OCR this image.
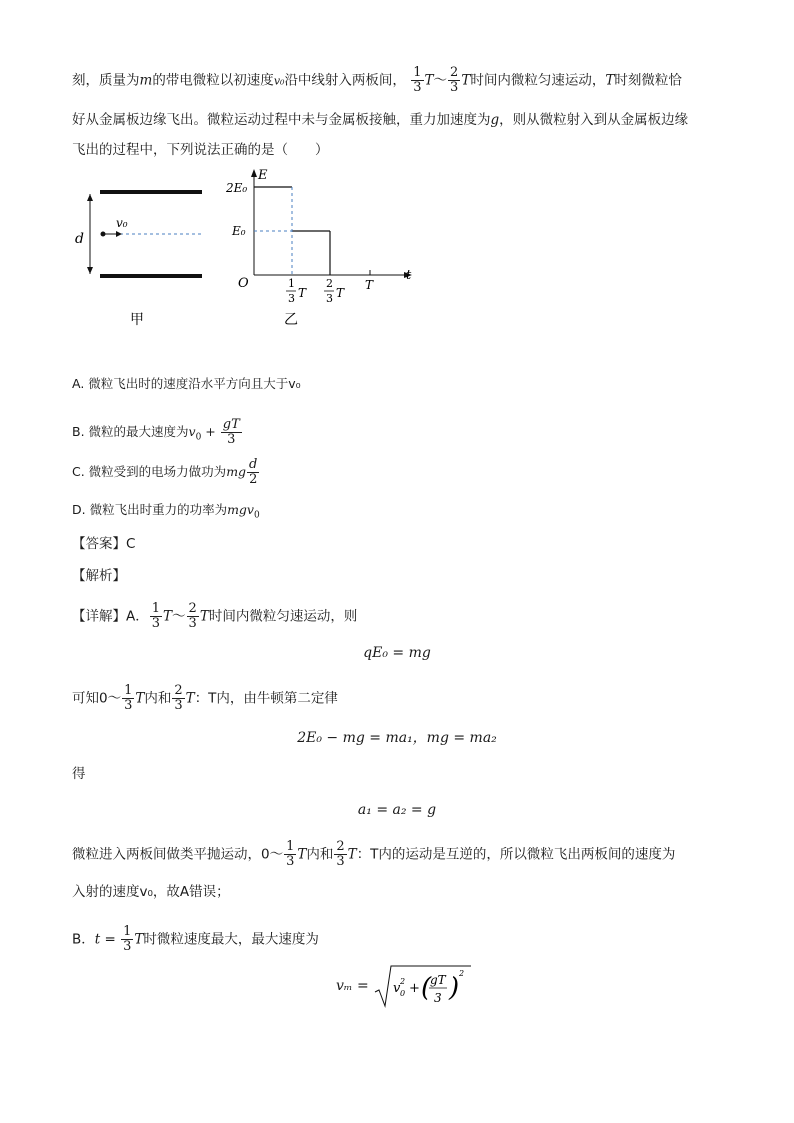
刻，质量为m的带电微粒以初速度v₀沿中线射入两板间， $\frac{1}{3}$ T～ $\frac{2}{3}$ T时间内微粒匀速运动，T时刻微粒恰
好从金属板边缘飞出。微粒运动过程中未与金属板接触，重力加速度为g，则从微粒射入到从金属板边缘
飞出的过程中，下列说法正确的是（　　）
d
v₀
甲
E
2E₀
E₀
O
t
1
3 T
2
3 T
T
乙
A. 微粒飞出时的速度沿水平方向且大于v₀
B. 微粒的最大速度为$v_0 + \frac{gT}{3}$
C. 微粒受到的电场力做功为mg $\frac{d}{2}$
D. 微粒飞出时重力的功率为mgv$_0$
【答案】C
【解析】
【详解】A． $\frac{1}{3}$ T～ $\frac{2}{3}$ T时间内微粒匀速运动，则
qE₀ = mg
可知0～ $\frac{1}{3}$ T内和 $\frac{2}{3}$ T：T内，由牛顿第二定律
2E₀ − mg = ma₁，mg = ma₂
得
a₁ = a₂ = g
微粒进入两板间做类平抛运动，0～ $\frac{1}{3}$ T内和 $\frac{2}{3}$ T：T内的运动是互逆的，所以微粒飞出两板间的速度为
入射的速度v₀，故A错误；
B．$t = \frac{1}{3}$ T时微粒速度最大，最大速度为
vₘ = v 0
2 + (
gT
3 ) 2
